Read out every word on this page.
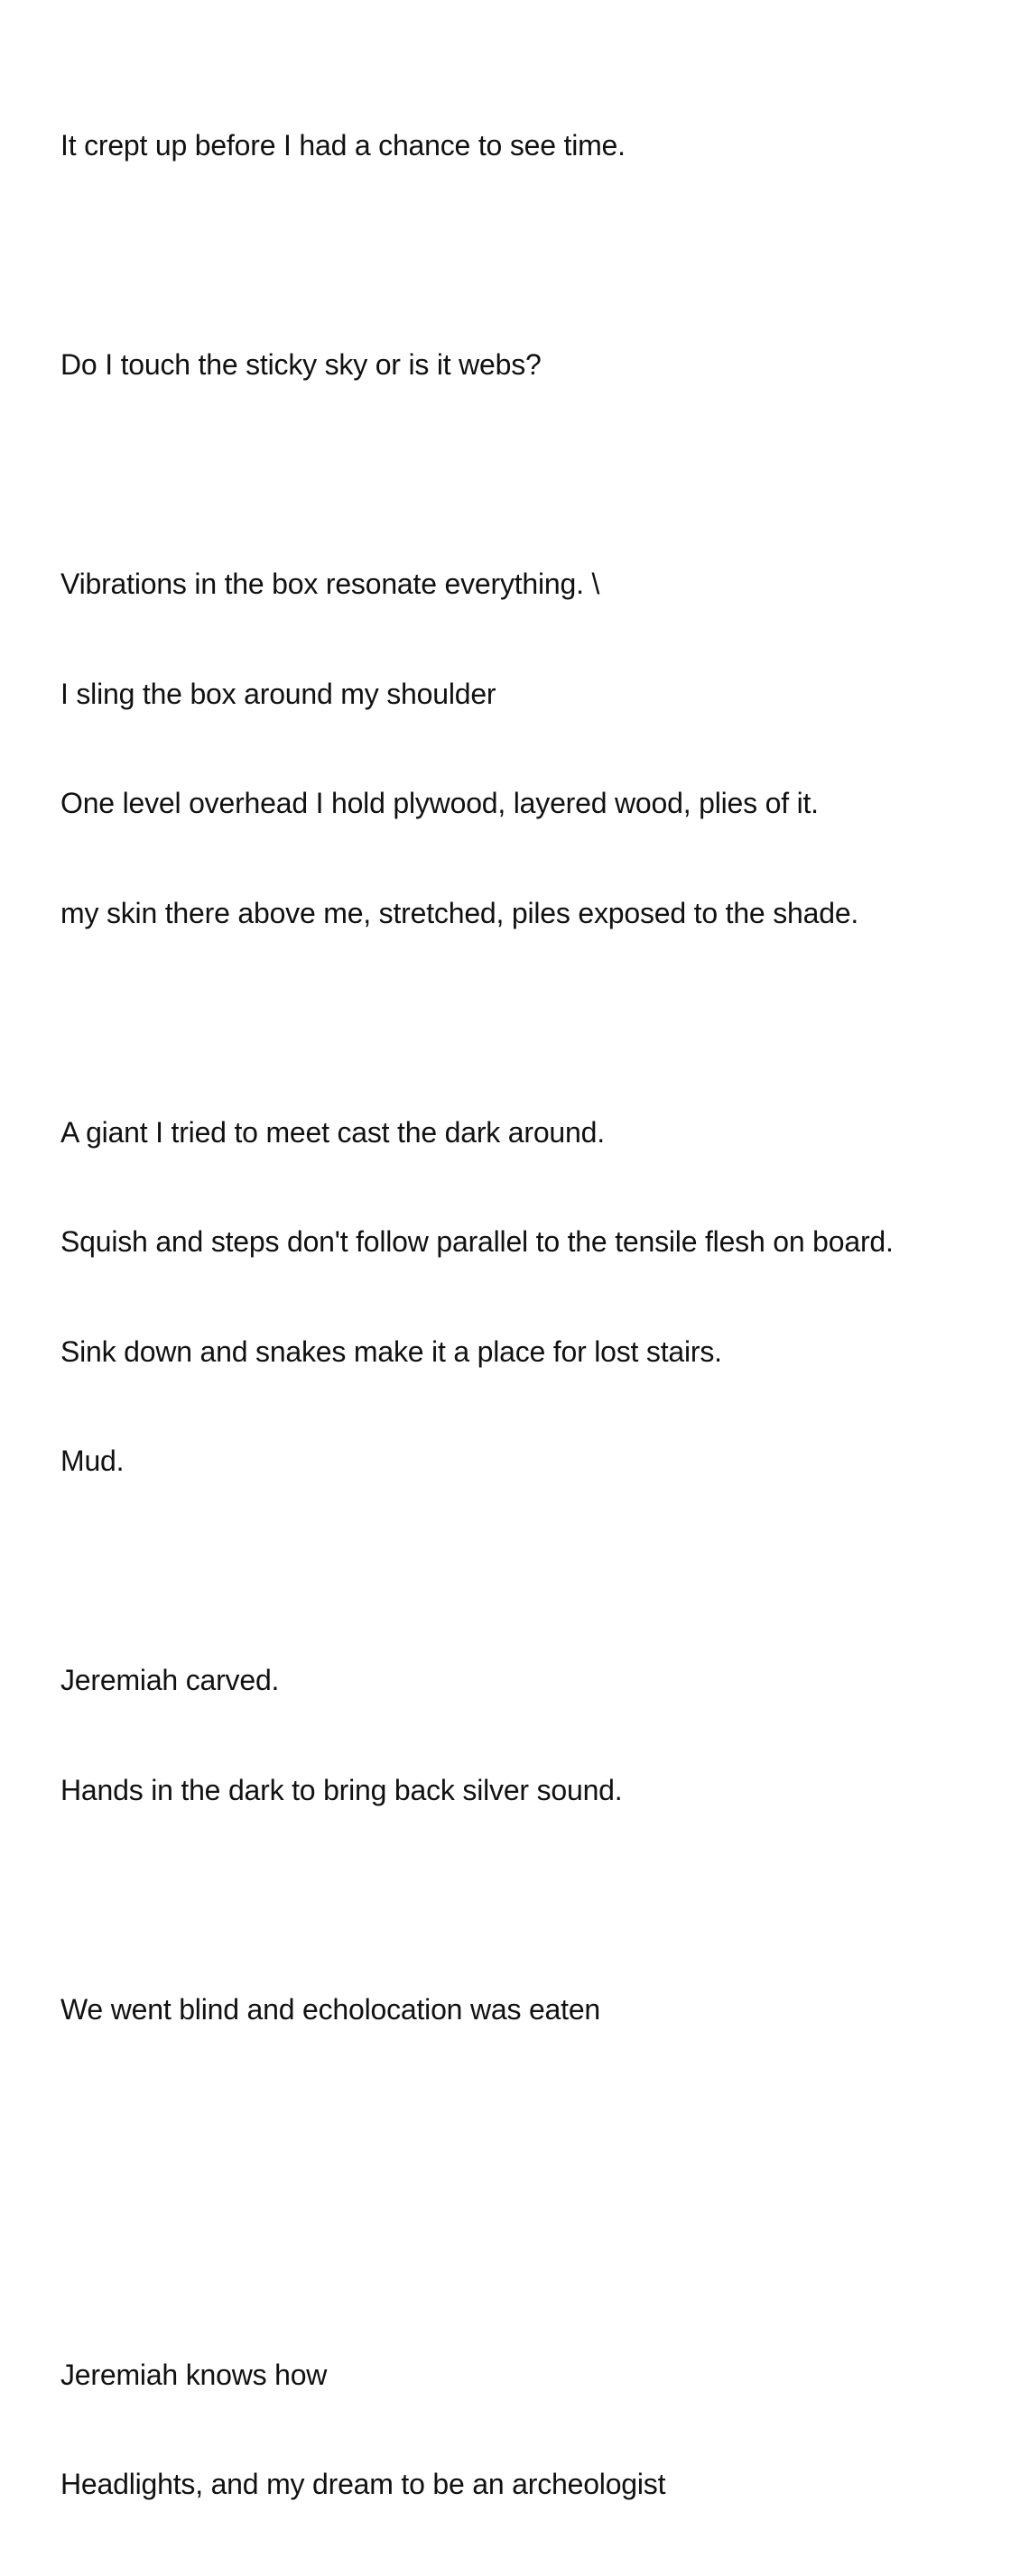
It crept up before I had a chance to see time.

Do I touch the sticky sky or is it webs?

Vibrations in the box resonate everything. \

I sling the box around my shoulder

One level overhead I hold plywood, layered wood, plies of it.

my skin there above me, stretched, piles exposed to the shade.

A giant I tried to meet cast the dark around.

Squish and steps don't follow parallel to the tensile flesh on board.

Sink down and snakes make it a place for lost stairs.

Mud.

Jeremiah carved.

Hands in the dark to bring back silver sound.

We went blind and echolocation was eaten

Jeremiah knows how

Headlights, and my dream to be an archeologist
